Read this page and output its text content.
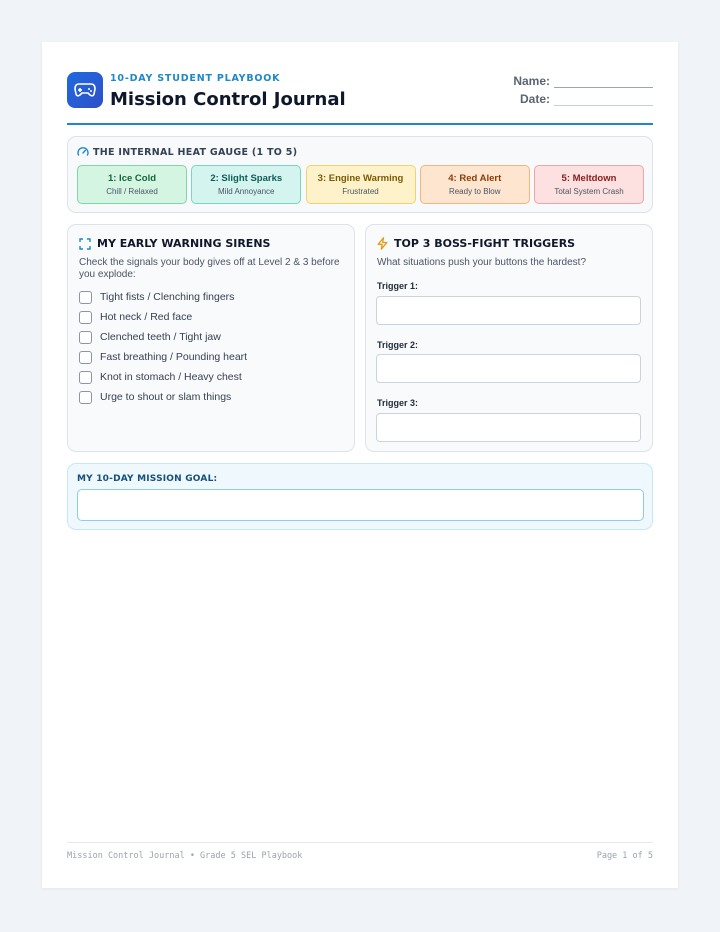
10-DAY STUDENT PLAYBOOK
Mission Control Journal
Name:
Date:
THE INTERNAL HEAT GAUGE (1 TO 5)
1: Ice Cold
Chill / Relaxed
2: Slight Sparks
Mild Annoyance
3: Engine Warming
Frustrated
4: Red Alert
Ready to Blow
5: Meltdown
Total System Crash
MY EARLY WARNING SIRENS
Check the signals your body gives off at Level 2 & 3 before you explode:
Tight fists / Clenching fingers
Hot neck / Red face
Clenched teeth / Tight jaw
Fast breathing / Pounding heart
Knot in stomach / Heavy chest
Urge to shout or slam things
TOP 3 BOSS-FIGHT TRIGGERS
What situations push your buttons the hardest?
Trigger 1:
Trigger 2:
Trigger 3:
MY 10-DAY MISSION GOAL:
Mission Control Journal • Grade 5 SEL Playbook	Page 1 of 5
